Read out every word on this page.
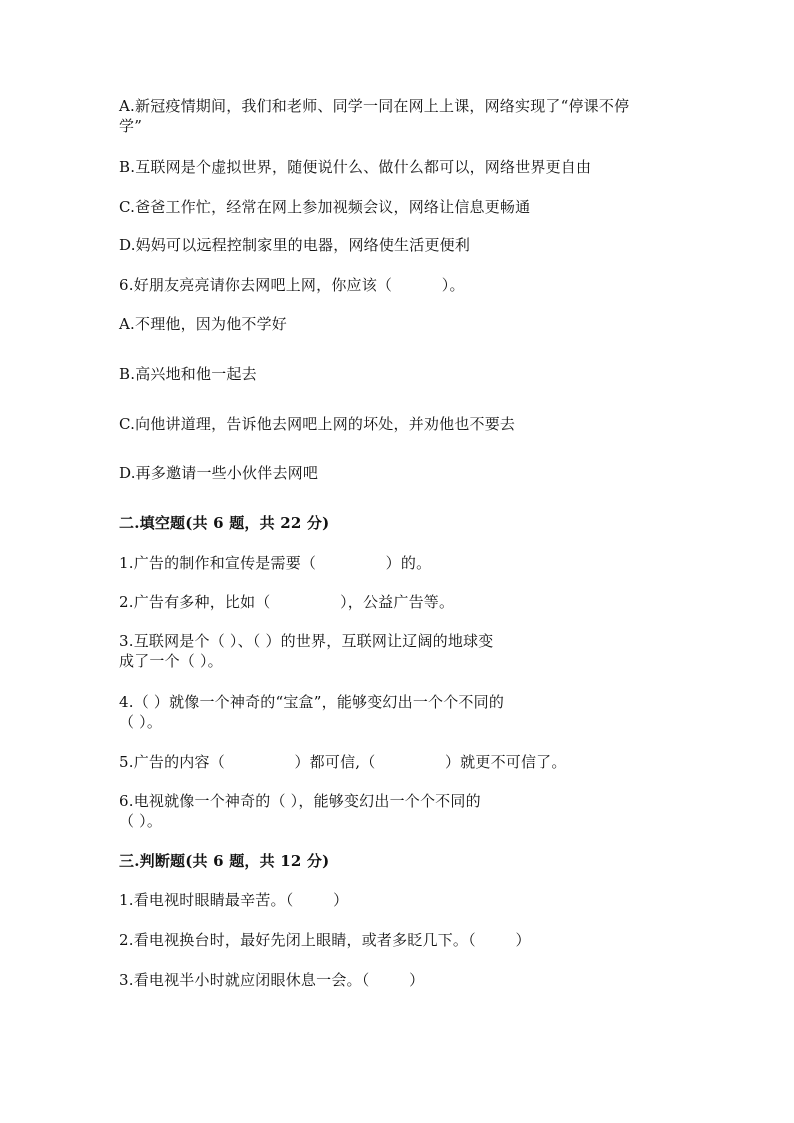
A.新冠疫情期间，我们和老师、同学一同在网上上课，网络实现了“停课不停
学”
B.互联网是个虚拟世界，随便说什么、做什么都可以，网络世界更自由
C.爸爸工作忙，经常在网上参加视频会议，网络让信息更畅通
D.妈妈可以远程控制家里的电器，网络使生活更便利
6.好朋友亮亮请你去网吧上网，你应该（          ）。
A.不理他，因为他不学好
B.高兴地和他一起去
C.向他讲道理，告诉他去网吧上网的坏处，并劝他也不要去
D.再多邀请一些小伙伴去网吧
二.填空题(共 6 题，共 22 分)
1.广告的制作和宣传是需要（              ）的。
2.广告有多种，比如（              ），公益广告等。
3.互联网是个（ ）、（ ）的世界，互联网让辽阔的地球变
成了一个（ ）。
4.（ ）就像一个神奇的“宝盒”，能够变幻出一个个不同的
（ ）。
5.广告的内容（              ）都可信,（              ）就更不可信了。
6.电视就像一个神奇的（ ），能够变幻出一个个不同的
（ ）。
三.判断题(共 6 题，共 12 分)
1.看电视时眼睛最辛苦。（        ）
2.看电视换台时，最好先闭上眼睛，或者多眨几下。（        ）
3.看电视半小时就应闭眼休息一会。（        ）
